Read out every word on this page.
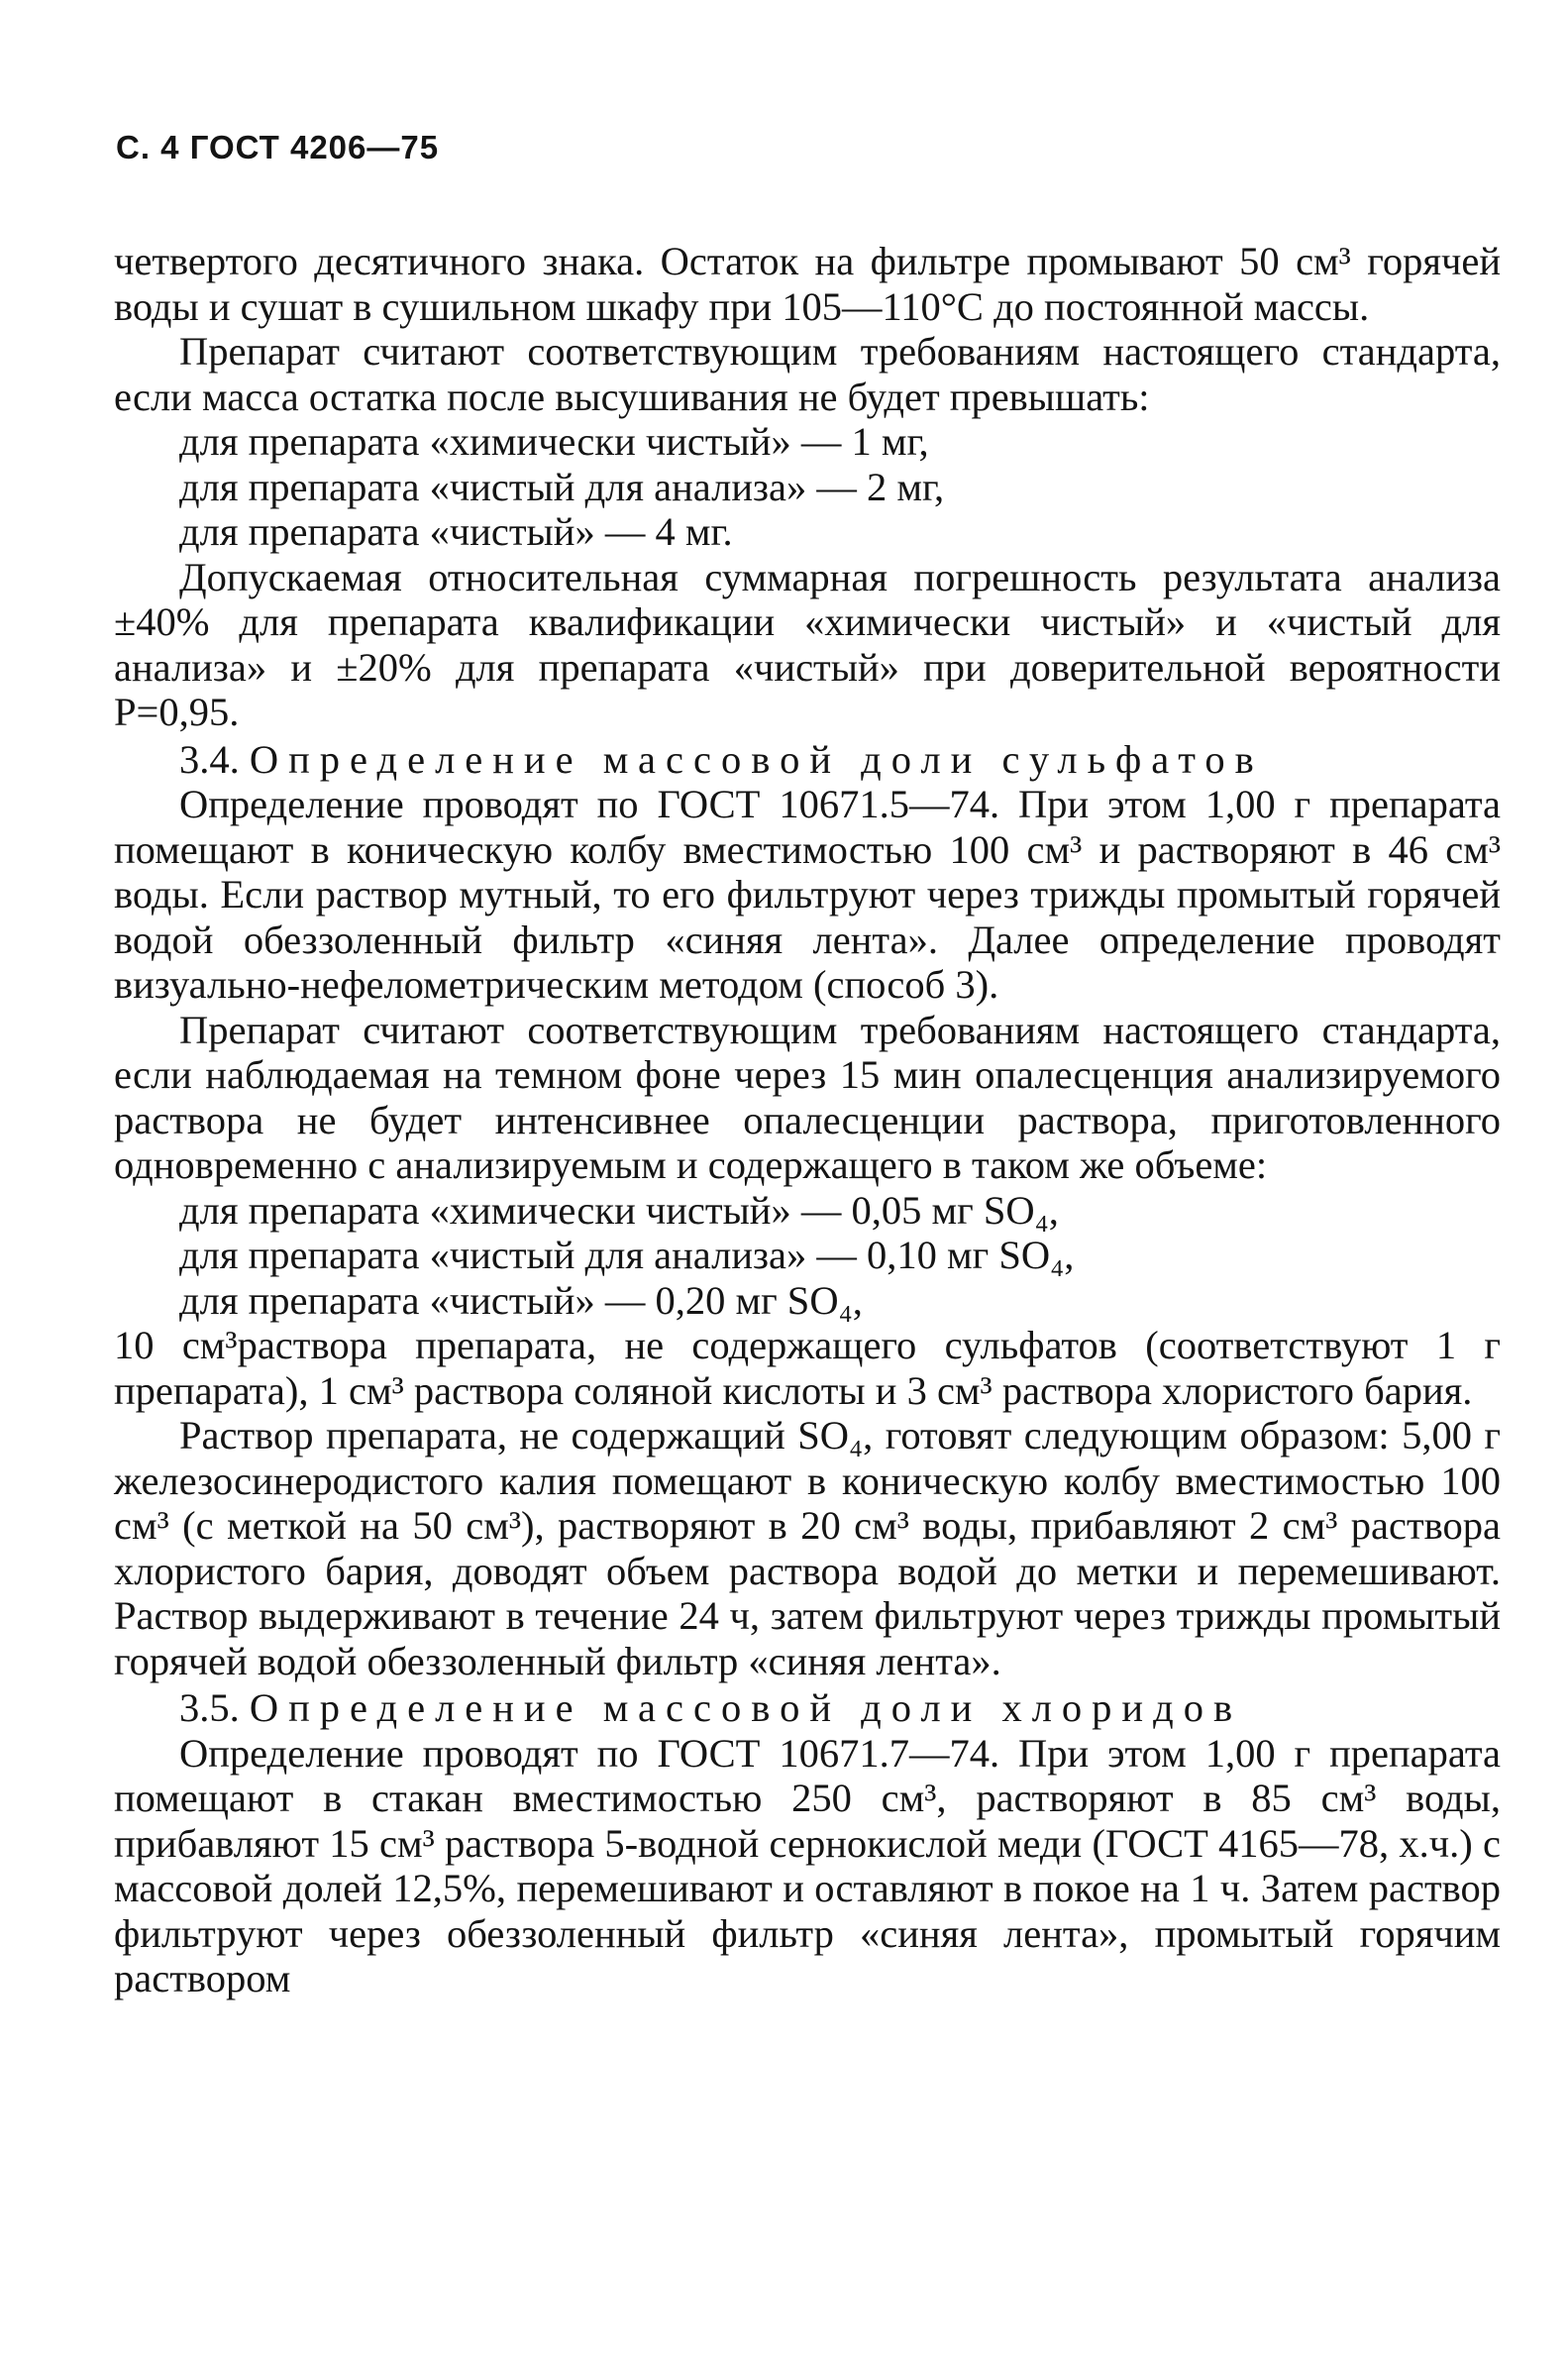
С. 4 ГОСТ 4206—75

четвертого десятичного знака. Остаток на фильтре промывают 50 см³ горячей воды и сушат в сушильном шкафу при 105—110°С до постоянной массы.

Препарат считают соответствующим требованиям настоящего стандарта, если масса остатка после высушивания не будет превышать:

для препарата «химически чистый» — 1 мг,

для препарата «чистый для анализа» — 2 мг,

для препарата «чистый» — 4 мг.

Допускаемая относительная суммарная погрешность результата анализа ±40% для препарата квалификации «химически чистый» и «чистый для анализа» и ±20% для препарата «чистый» при доверительной вероятности Р=0,95.

3.4. Определение массовой доли сульфатов

Определение проводят по ГОСТ 10671.5—74. При этом 1,00 г препарата помещают в коническую колбу вместимостью 100 см³ и растворяют в 46 см³ воды. Если раствор мутный, то его фильтруют через трижды промытый горячей водой обеззоленный фильтр «синяя лента». Далее определение проводят визуально-нефелометрическим методом (способ 3).

Препарат считают соответствующим требованиям настоящего стандарта, если наблюдаемая на темном фоне через 15 мин опалесценция анализируемого раствора не будет интенсивнее опалесценции раствора, приготовленного одновременно с анализируемым и содержащего в таком же объеме:

для препарата «химически чистый» — 0,05 мг SO₄,

для препарата «чистый для анализа» — 0,10 мг SO₄,

для препарата «чистый» — 0,20 мг SO₄,

10 см³раствора препарата, не содержащего сульфатов (соответствуют 1 г препарата), 1 см³ раствора соляной кислоты и 3 см³ раствора хлористого бария.

Раствор препарата, не содержащий SO₄, готовят следующим образом: 5,00 г железосинеродистого калия помещают в коническую колбу вместимостью 100 см³ (с меткой на 50 см³), растворяют в 20 см³ воды, прибавляют 2 см³ раствора хлористого бария, доводят объем раствора водой до метки и перемешивают. Раствор выдерживают в течение 24 ч, затем фильтруют через трижды промытый горячей водой обеззоленный фильтр «синяя лента».

3.5. Определение массовой доли хлоридов

Определение проводят по ГОСТ 10671.7—74. При этом 1,00 г препарата помещают в стакан вместимостью 250 см³, растворяют в 85 см³ воды, прибавляют 15 см³ раствора 5-водной сернокислой меди (ГОСТ 4165—78, х.ч.) с массовой долей 12,5%, перемешивают и оставляют в покое на 1 ч. Затем раствор фильтруют через обеззоленный фильтр «синяя лента», промытый горячим раствором
